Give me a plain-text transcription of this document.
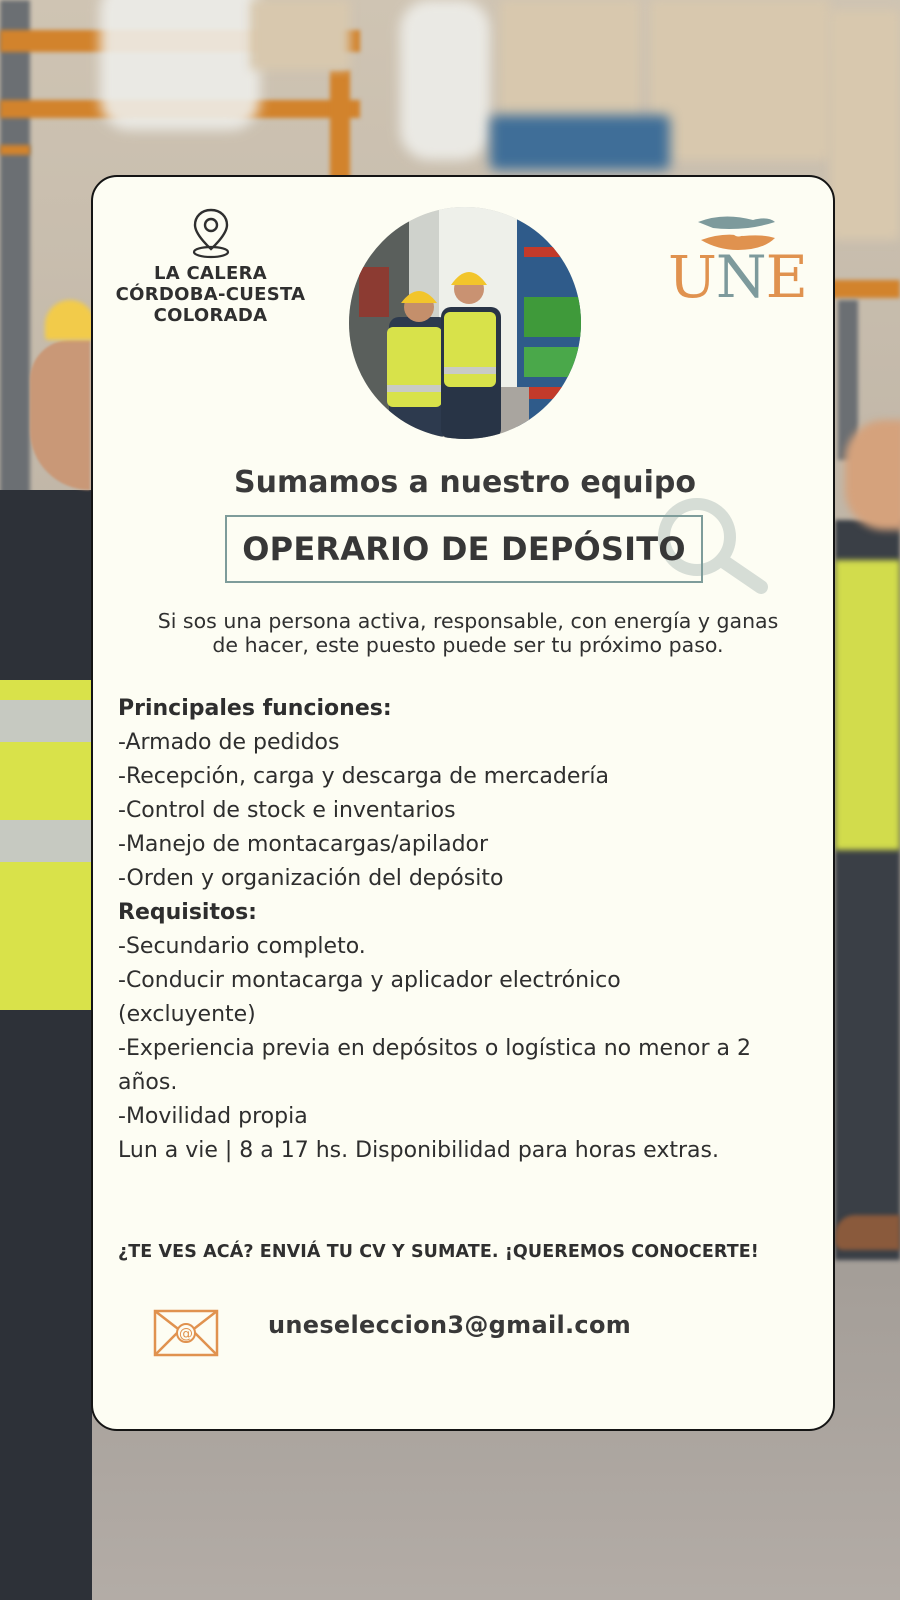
LA CALERA
CÓRDOBA-CUESTA
COLORADA
UNE
Sumamos a nuestro equipo
OPERARIO DE DEPÓSITO
Si sos una persona activa, responsable, con energía y ganas
de hacer, este puesto puede ser tu próximo paso.
Principales funciones:
-Armado de pedidos
-Recepción, carga y descarga de mercadería
-Control de stock e inventarios
-Manejo de montacargas/apilador
-Orden y organización del depósito
Requisitos:
-Secundario completo.
-Conducir montacarga y aplicador electrónico
(excluyente)
-Experiencia previa en depósitos o logística no menor a 2
años.
-Movilidad propia
Lun a vie | 8 a 17 hs. Disponibilidad para horas extras.
¿TE VES ACÁ? ENVIÁ TU CV Y SUMATE. ¡QUEREMOS CONOCERTE!
@	uneseleccion3@gmail.com
